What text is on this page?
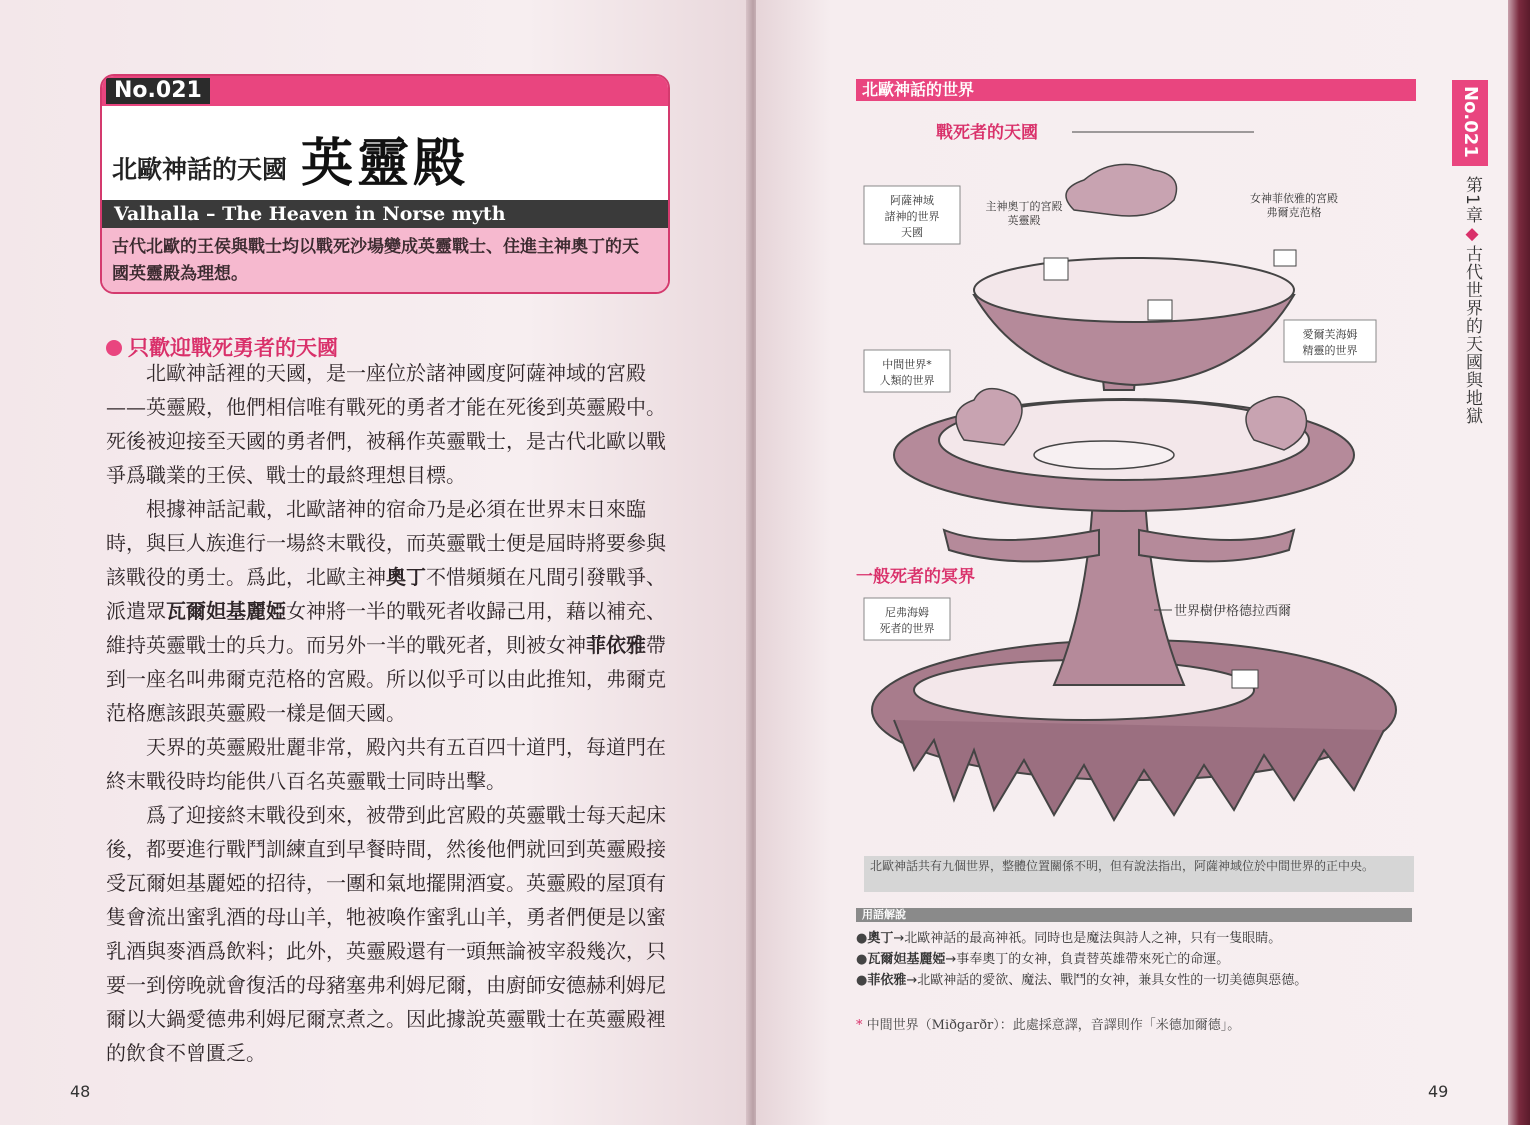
No.021
北歐神話的天國 英靈殿
Valhalla – The Heaven in Norse myth
古代北歐的王侯與戰士均以戰死沙場變成英靈戰士、住進主神奧丁的天國英靈殿為理想。
只歡迎戰死勇者的天國

北歐神話裡的天國，是一座位於諸神國度阿薩神域的宮殿——英靈殿，他們相信唯有戰死的勇者才能在死後到英靈殿中。死後被迎接至天國的勇者們，被稱作英靈戰士，是古代北歐以戰爭爲職業的王侯、戰士的最終理想目標。

根據神話記載，北歐諸神的宿命乃是必須在世界末日來臨時，與巨人族進行一場終末戰役，而英靈戰士便是屆時將要參與該戰役的勇士。爲此，北歐主神奧丁不惜頻頻在凡間引發戰爭、派遣眾瓦爾妲基麗婭女神將一半的戰死者收歸己用，藉以補充、維持英靈戰士的兵力。而另外一半的戰死者，則被女神菲依雅帶到一座名叫弗爾克范格的宮殿。所以似乎可以由此推知，弗爾克范格應該跟英靈殿一樣是個天國。

天界的英靈殿壯麗非常，殿內共有五百四十道門，每道門在終末戰役時均能供八百名英靈戰士同時出擊。

爲了迎接終末戰役到來，被帶到此宮殿的英靈戰士每天起床後，都要進行戰鬥訓練直到早餐時間，然後他們就回到英靈殿接受瓦爾妲基麗婭的招待，一團和氣地擺開酒宴。英靈殿的屋頂有隻會流出蜜乳酒的母山羊，牠被喚作蜜乳山羊，勇者們便是以蜜乳酒與麥酒爲飲料；此外，英靈殿還有一頭無論被宰殺幾次，只要一到傍晚就會復活的母豬塞弗利姆尼爾，由廚師安德赫利姆尼爾以大鍋愛德弗利姆尼爾烹煮之。因此據說英靈戰士在英靈殿裡的飲食不曾匱乏。

48
北歐神話的世界
戰死者的天國
阿薩神域
諸神的世界
天國
主神奧丁的宮殿
英靈殿
女神菲依雅的宮殿
弗爾克范格
愛爾芙海姆
精靈的世界
中間世界*
人類的世界
一般死者的冥界
尼弗海姆
死者的世界
世界樹伊格德拉西爾
北歐神話共有九個世界，整體位置關係不明，但有說法指出，阿薩神域位於中間世界的正中央。
用語解說
●奧丁→北歐神話的最高神祇。同時也是魔法與詩人之神，只有一隻眼睛。
●瓦爾妲基麗婭→事奉奧丁的女神，負責替英雄帶來死亡的命運。
●菲依雅→北歐神話的愛欲、魔法、戰鬥的女神，兼具女性的一切美德與惡德。
* 中間世界（Miðgarðr）：此處採意譯，音譯則作「米德加爾德」。
No.021
第1章◆古代世界的天國與地獄
49
